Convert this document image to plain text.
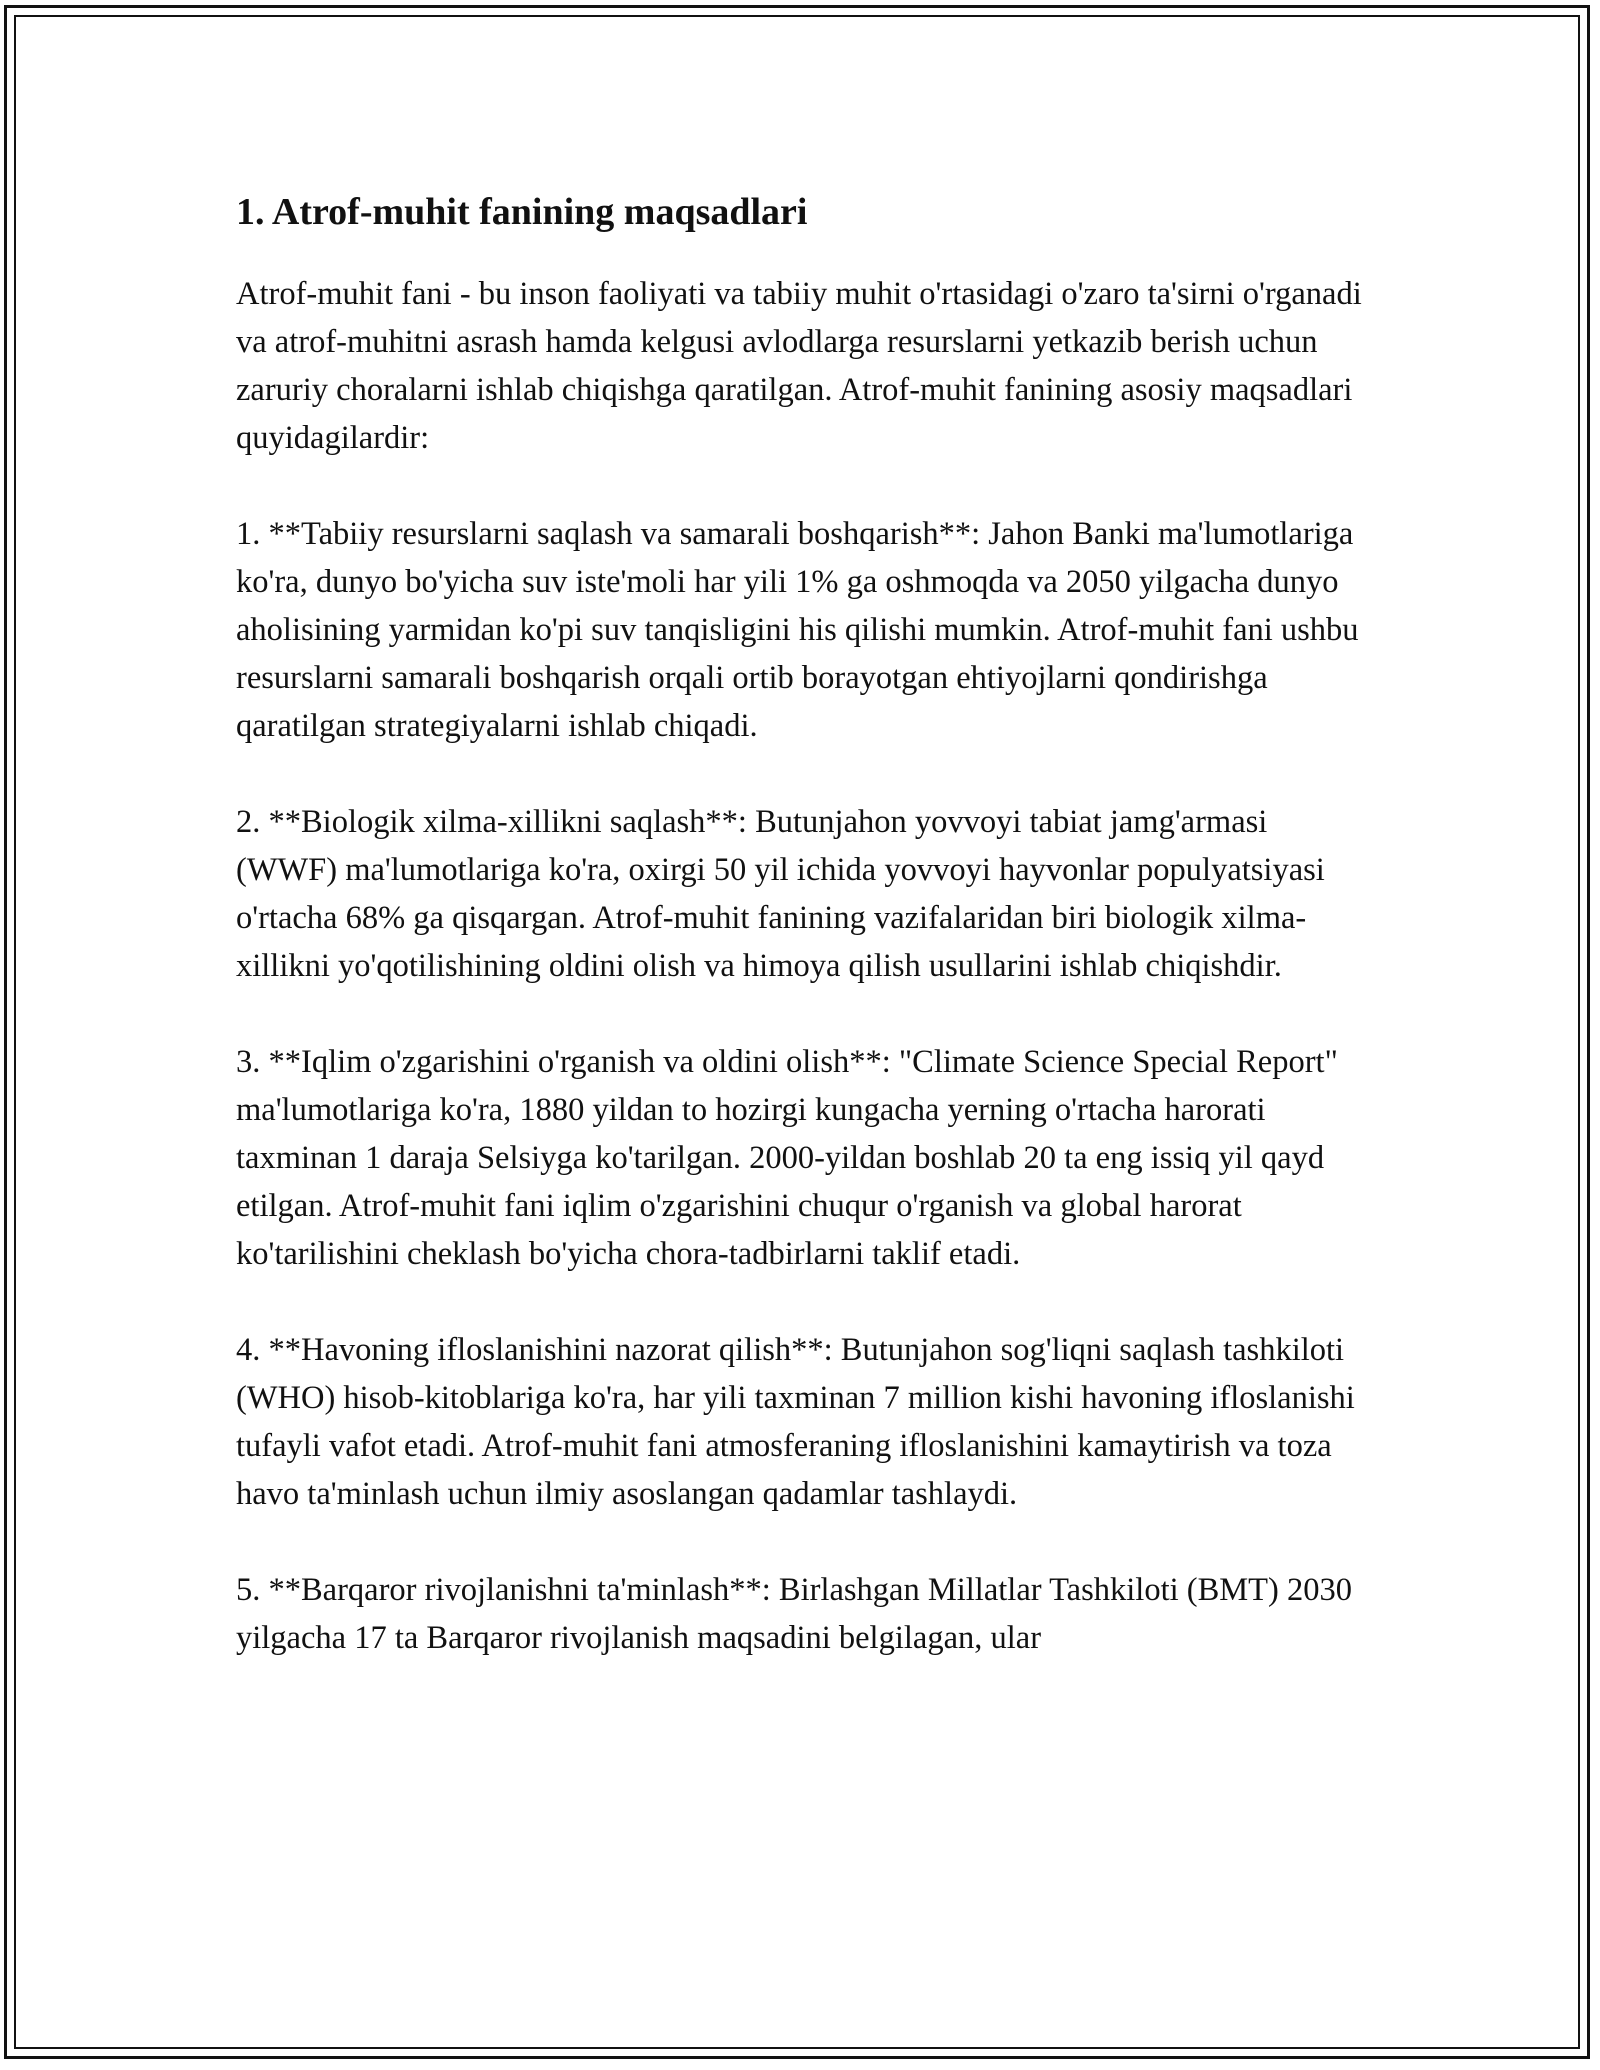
1. Atrof-muhit fanining maqsadlari

Atrof-muhit fani - bu inson faoliyati va tabiiy muhit o'rtasidagi o'zaro ta'sirni o'rganadi va atrof-muhitni asrash hamda kelgusi avlodlarga resurslarni yetkazib berish uchun zaruriy choralarni ishlab chiqishga qaratilgan. Atrof-muhit fanining asosiy maqsadlari quyidagilardir:

1. **Tabiiy resurslarni saqlash va samarali boshqarish**: Jahon Banki ma'lumotlariga ko'ra, dunyo bo'yicha suv iste'moli har yili 1% ga oshmoqda va 2050 yilgacha dunyo aholisining yarmidan ko'pi suv tanqisligini his qilishi mumkin. Atrof-muhit fani ushbu resurslarni samarali boshqarish orqali ortib borayotgan ehtiyojlarni qondirishga qaratilgan strategiyalarni ishlab chiqadi.

2. **Biologik xilma-xillikni saqlash**: Butunjahon yovvoyi tabiat jamg'armasi (WWF) ma'lumotlariga ko'ra, oxirgi 50 yil ichida yovvoyi hayvonlar populyatsiyasi o'rtacha 68% ga qisqargan. Atrof-muhit fanining vazifalaridan biri biologik xilma-xillikni yo'qotilishining oldini olish va himoya qilish usullarini ishlab chiqishdir.

3. **Iqlim o'zgarishini o'rganish va oldini olish**: "Climate Science Special Report" ma'lumotlariga ko'ra, 1880 yildan to hozirgi kungacha yerning o'rtacha harorati taxminan 1 daraja Selsiyga ko'tarilgan. 2000-yildan boshlab 20 ta eng issiq yil qayd etilgan. Atrof-muhit fani iqlim o'zgarishini chuqur o'rganish va global harorat ko'tarilishini cheklash bo'yicha chora-tadbirlarni taklif etadi.

4. **Havoning ifloslanishini nazorat qilish**: Butunjahon sog'liqni saqlash tashkiloti (WHO) hisob-kitoblariga ko'ra, har yili taxminan 7 million kishi havoning ifloslanishi tufayli vafot etadi. Atrof-muhit fani atmosferaning ifloslanishini kamaytirish va toza havo ta'minlash uchun ilmiy asoslangan qadamlar tashlaydi.

5. **Barqaror rivojlanishni ta'minlash**: Birlashgan Millatlar Tashkiloti (BMT) 2030 yilgacha 17 ta Barqaror rivojlanish maqsadini belgilagan, ular
